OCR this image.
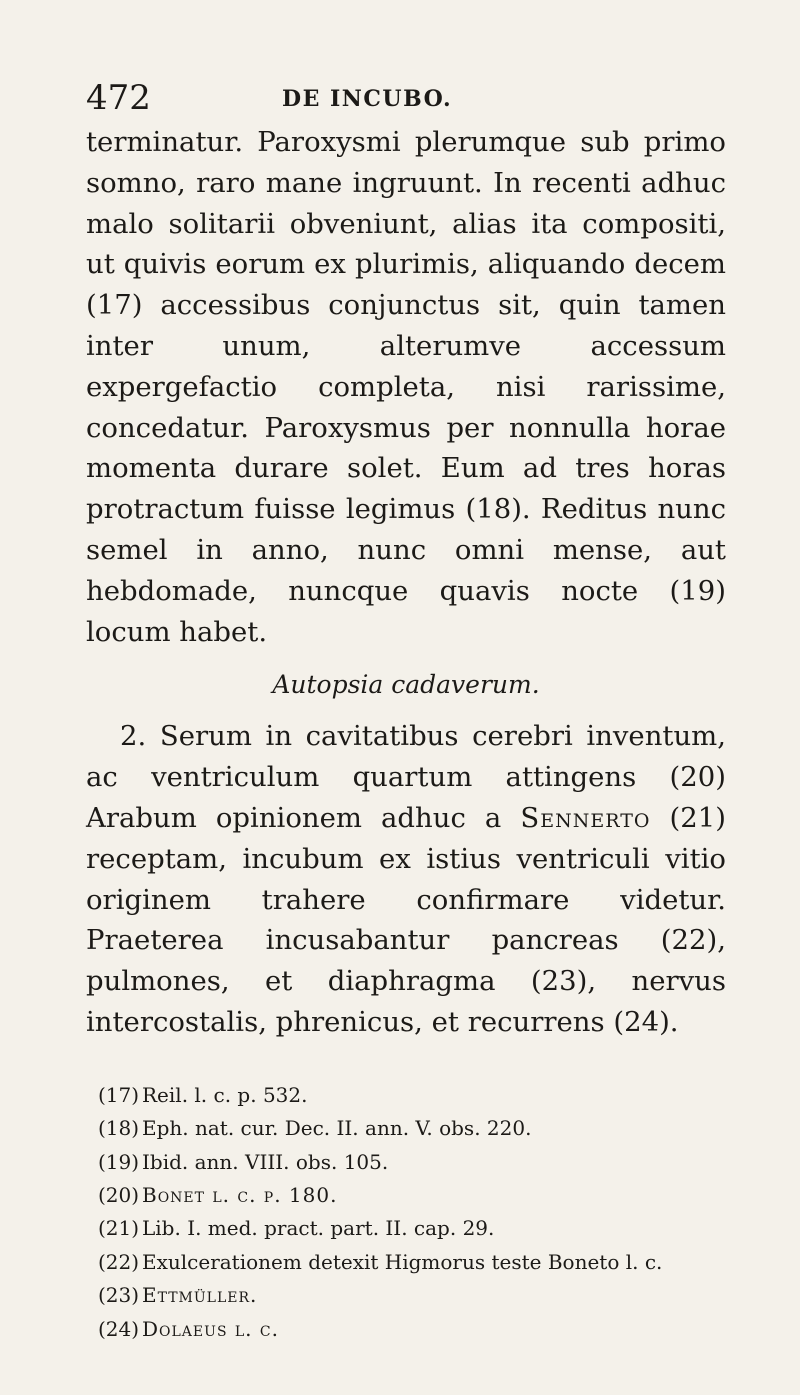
472	DE INCUBO.

terminatur. Paroxysmi plerumque sub primo somno, raro mane ingruunt. In recenti adhuc malo solitarii obveniunt, alias ita compositi, ut quivis eorum ex plurimis, aliquando decem (17) accessibus conjunctus sit, quin tamen inter unum, alterumve accessum expergefactio completa, nisi rarissime, concedatur. Paroxysmus per nonnulla horae momenta durare solet. Eum ad tres horas protractum fuisse legimus (18). Reditus nunc semel in anno, nunc omni mense, aut hebdomade, nuncque quavis nocte (19) locum habet.

Autopsia cadaverum.

2. Serum in cavitatibus cerebri inventum, ac ventriculum quartum attingens (20) Arabum opinionem adhuc a Sennerto (21) receptam, incubum ex istius ventriculi vitio originem trahere confirmare videtur. Praeterea incusabantur pancreas (22), pulmones, et diaphragma (23), nervus intercostalis, phrenicus, et recurrens (24).

(17) Reil. l. c. p. 532.
(18) Eph. nat. cur. Dec. II. ann. V. obs. 220.
(19) Ibid. ann. VIII. obs. 105.
(20) Bonet l. c. p. 180.
(21) Lib. I. med. pract. part. II. cap. 29.
(22) Exulcerationem detexit Higmorus teste Boneto l. c.
(23) Ettmüller.
(24) Dolaeus l. c.
